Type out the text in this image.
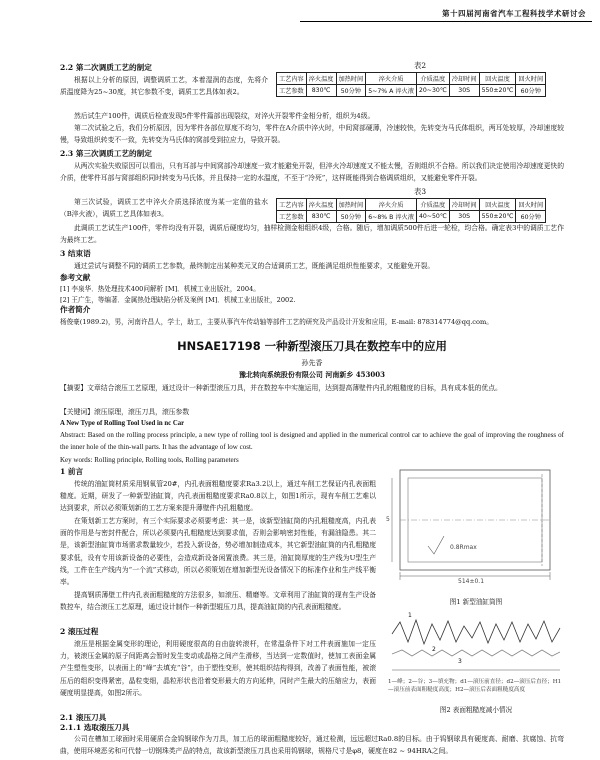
第十四届河南省汽车工程科技学术研讨会
2.2 第二次调质工艺的制定
根据以上分析的原因，调整调质工艺，本着湿润的态度，先将介质温度降为25~30度，其它参数不变，调质工艺具体如表2。
表2
工艺内容	淬火温度	加热时间	淬火介质	介质温度	冷却时间	回火温度	回火时间
工艺参数	830℃	50分钟	5~7% A 淬火液	20~30℃	30S	550±20℃	60分钟
然后试生产100件，调质后检查发现5件零件篇部出现裂纹，对淬火开裂零件金相分析，组织为4级。
第二次试验之后，我们分析原因，因为零件各部位厚度不均匀，零件在A介质中淬火时，中间窝部硬薄，冷速较快，先转变为马氏体组织，两耳处较厚，冷却速度较慢，导致组织转变不一致，先转变为马氏体的窝部受到拉应力，导致开裂。
2.3 第三次调质工艺的制定
从两次实验失败原因可以看出，只有耳部与中间窝部冷却速度一致才能避免开裂，但淬火冷却速度又不能太慢，否则组织不合格。所以我们决定使用冷却速度更快的介质，使零件耳部与窝部组织同时转变为马氏体，并且保持一定的水温度，不至于“冷死”，这样既能得到合格调质组织，又能避免零件开裂。
表3
工艺内容	淬火温度	加热时间	淬火介质	介质温度	冷却时间	回火温度	回火时间
工艺参数	830℃	50分钟	6~8% B 淬火液	40~50℃	30S	550±20℃	60分钟
第三次试验，调质工艺中淬火介质选择浓度为某一定值的盐水（B淬火液），调质工艺具体如表3。
此调质工艺试生产100件，零件均没有开裂，调质后硬度均匀，抽样检测金相组织4级，合格。随后，增加调质500件后进一轮检，均合格。确定表3中的调质工艺作为最终工艺。
3 结束语
通过尝试与调整不同的调质工艺参数，最终制定出某种类元叉的合适调质工艺，既能满足组织性能要求，又能避免开裂。
参考文献
[1] 李泉华．热处理技术400问解析 [M]．机械工业出版社，2004。
[2] 王广生，等编著．金属热处理缺陷分析及案例 [M]．机械工业出版社，2002.
作者简介
杨俊豪(1989.2)，男，河南许昌人，学士，助工，主要从事汽车传动轴等部件工艺的研究及产品设计开发和应用，E-mail: 878314774@qq.com。
HNSAE17198 一种新型滚压刀具在数控车中的应用
孙先香
豫北转向系统股份有限公司 河南新乡 453003
【摘要】文章结合滚压工艺原理，通过设计一种新型滚压刀具，并在数控车中实施运用，达到提高薄壁件内孔的粗糙度的目标，具有成本低的优点。
【关键词】滚压原理，滚压刀具，滚压参数
A New Type of Rolling Tool Used in nc Car
Abstract: Based on the rolling process principle, a new type of rolling tool is designed and applied in the numerical control car to achieve the goal of improving the roughness of the inner hole of the thin-wall parts. It has the advantage of low cost.
Key words: Rolling principle, Rolling tools, Rolling parameters
1 前言
传统的油缸筒材质采用钢氧管20#，内孔表面粗糙度要求Ra3.2以上，通过车削工艺保证内孔表面粗糙度。近期，研发了一种新型油缸筒，内孔表面粗糙度要求Ra0.8以上，如图1所示，现有车削工艺难以达到要求，所以必须策划新的工艺方案来提升薄壁件内孔粗糙度。
在策划新工艺方案时，有三个实际要求必须要考虑：其一是，该新型油缸筒的内孔粗糙度高，内孔表面的作用是与密封件配合，所以必须要内孔粗糙度达到要求值，否则会影响密封性能，有漏油隐患。其二是，该新型油缸筒市场需求数量较少，若投入新设备，势必增加制造成本，其它新型油缸筒的内孔粗糙度要求低，设有专用该新设备的必要性，会造成新设备闲置浪费。其三是，油缸筒厚度的生产线为U型生产线，工件在生产线内为“一个流”式移动，所以必须策划在增加新型光设备情况下的标准作业和生产线平衡率。
提高钢质薄壁工件内孔表面粗糙度的方法很多，如滚压、精磨等。文章利用了油缸筒的现有生产设备数控车，结合滚压工艺原理，通过设计制作一种新型辊压刀具，提高油缸筒的内孔表面粗糙度。
2 滚压过程
滚压是根据金属变形的理论，利用硬度很高的自由旋转滚杆，在常温条件下对工件表面施加一定压力，被滚压金属的原子间距离会暂时发生变动或晶格之间产生滑移，当达到一定数值时，使加工表面金属产生塑性变形，以表面上的“峰”去填充“谷”，由于塑性变形，使其组织结构得到，改善了表面性能，被滚压后的组织变得紧密，晶粒变细，晶粒形状也沿着变形最大的方向延伸，同时产生最大的压缩应力，表面硬度明显提高，如图2所示。
2.1 滚压刀具
2.1.1 选取滚压刀具
公司在槽加工球面时采用硬质合金钨钢球作为刀具，加工后的球面粗糙度较好，通过检测，远远超过Ra0.8的目标。由于钨钢球具有硬度高、耐磨、抗腐蚀、抗弯曲，使用环境恶劣和可代替一切钢珠类产品的特点，故该新型滚压刀具也采用钨钢球，规格尺寸是φ8，硬度在82 ~ 94HRA之间。
0.8Rmax
5
514±0.1
图1 新型油缸筒图
1
2
3
1—峰；2—谷；3—填充物；d1—滚压前直径；d2—滚压后直径；H1—滚压前表面粗糙度高度；H2—滚压后表面粗糙度高度
图2 表面粗糙度减小情况
